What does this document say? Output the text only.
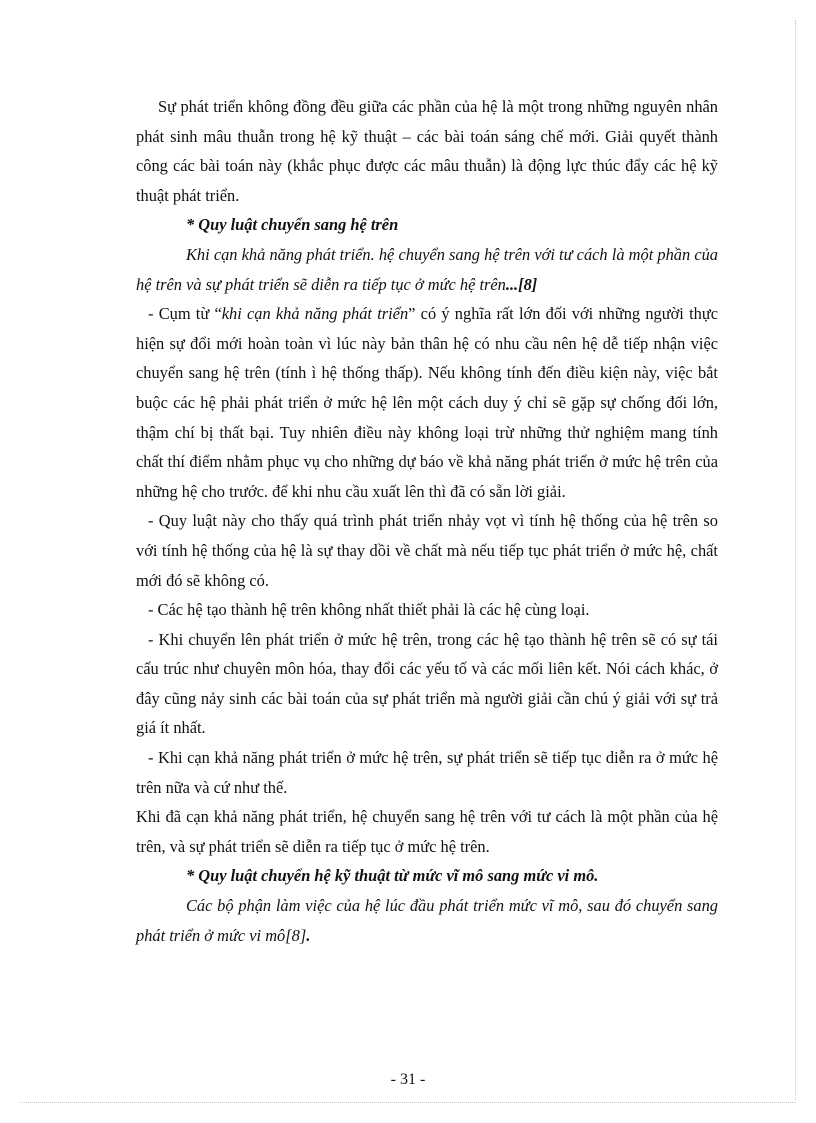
Sự phát triển không đồng đều giữa các phần của hệ là một trong những nguyên nhân phát sinh mâu thuẫn trong hệ kỹ thuật – các bài toán sáng chế mới. Giải quyết thành công các bài toán này (khắc phục được các mâu thuẫn) là động lực thúc đẩy các hệ kỹ thuật phát triển.

* Quy luật chuyển sang hệ trên

Khi cạn khả năng phát triển. hệ chuyển sang hệ trên với tư cách là một phần của hệ trên và sự phát triển sẽ diễn ra tiếp tục ở mức hệ trên...[8]

- Cụm từ “khi cạn khả năng phát triển” có ý nghĩa rất lớn đối với những người thực hiện sự đổi mới hoàn toàn vì lúc này bản thân hệ có nhu cầu nên hệ dễ tiếp nhận việc chuyển sang hệ trên (tính ì hệ thống thấp). Nếu không tính đến điều kiện này, việc bắt buộc các hệ phải phát triển ở mức hệ lên một cách duy ý chỉ sẽ gặp sự chống đối lớn, thậm chí bị thất bại. Tuy nhiên điều này không loại trừ những thử nghiệm mang tính chất thí điểm nhằm phục vụ cho những dự báo về khả năng phát triển ở mức hệ trên của những hệ cho trước. để khi nhu cầu xuất lên thì đã có sẵn lời giải.

- Quy luật này cho thấy quá trình phát triển nhảy vọt vì tính hệ thống của hệ trên so với tính hệ thống của hệ là sự thay dồi về chất mà nếu tiếp tục phát triển ở mức hệ, chất mới đó sẽ không có.

- Các hệ tạo thành hệ trên không nhất thiết phải là các hệ cùng loại.

- Khi chuyển lên phát triển ở mức hệ trên, trong các hệ tạo thành hệ trên sẽ có sự tái cấu trúc như chuyên môn hóa, thay đổi các yếu tố và các mối liên kết. Nói cách khác, ở đây cũng nảy sinh các bài toán của sự phát triển mà người giải cần chú ý giải với sự trả giá ít nhất.

- Khi cạn khả năng phát triển ở mức hệ trên, sự phát triển sẽ tiếp tục diễn ra ở mức hệ trên nữa và cứ như thế.

Khi đã cạn khả năng phát triển, hệ chuyển sang hệ trên với tư cách là một phần của hệ trên, và sự phát triển sẽ diễn ra tiếp tục ở mức hệ trên.

* Quy luật chuyển hệ kỹ thuật từ mức vĩ mô sang mức vi mô.

Các bộ phận làm việc của hệ lúc đầu phát triển mức vĩ mô, sau đó chuyển sang phát triển ở mức vi mô[8].

- 31 -
